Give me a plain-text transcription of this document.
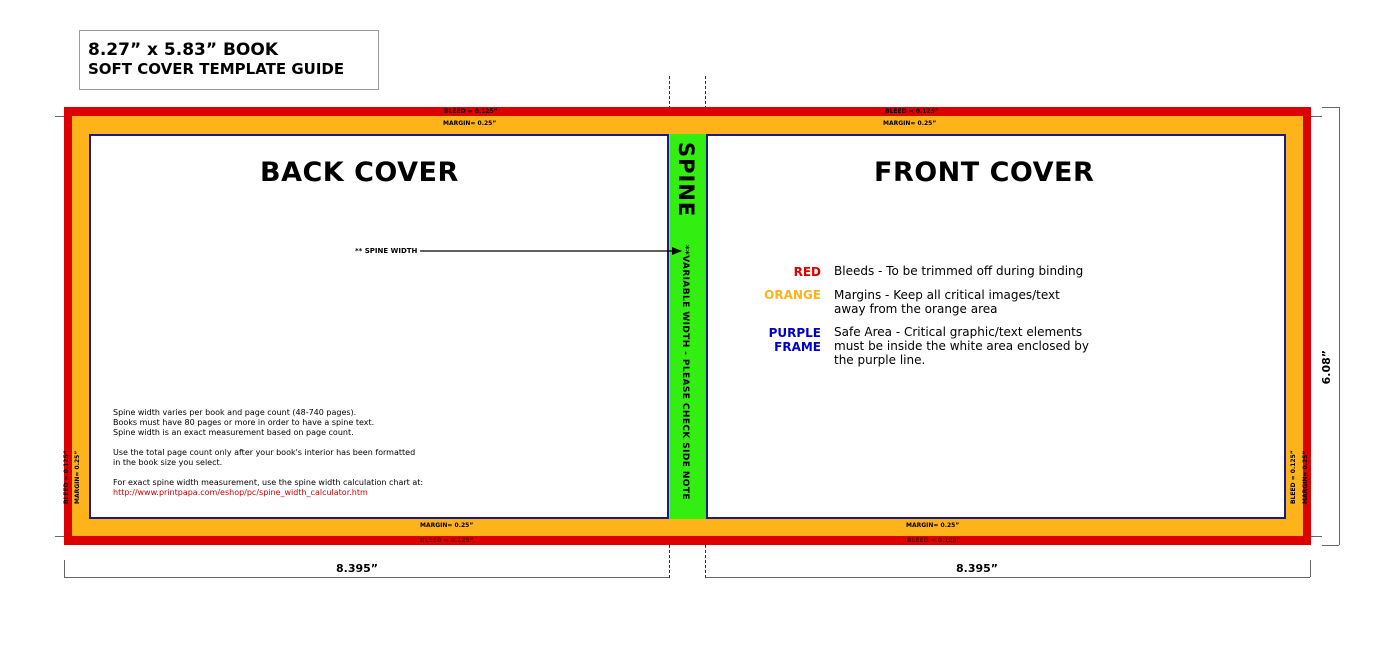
8.27” x 5.83” BOOK
SOFT COVER TEMPLATE GUIDE
BLEED = 0.125”	BLEED = 0.125”
MARGIN= 0.25”	MARGIN= 0.25”
MARGIN= 0.25”	MARGIN= 0.25”
BLEED = 0.125”	BLEED = 0.125”
BLEED = 0.125” MARGIN= 0.25”	BLEED = 0.125” MARGIN= 0.25”
BACK COVER
** SPINE WIDTH
Spine width varies per book and page count (48-740 pages).
Books must have 80 pages or more in order to have a spine text.
Spine width is an exact measurement based on page count.
Use the total page count only after your book's interior has been formatted
in the book size you select.
For exact spine width measurement, use the spine width calculation chart at:
http://www.printpapa.com/eshop/pc/spine_width_calculator.htm
SPINE
**VARIABLE WIDTH - PLEASE CHECK SIDE NOTE
FRONT COVER
RED Bleeds - To be trimmed off during binding
ORANGE Margins - Keep all critical images/text away from the orange area
PURPLE FRAME
Safe Area - Critical graphic/text elements must be inside the white area enclosed by the purple line.
8.395”	8.395”
6.08”
